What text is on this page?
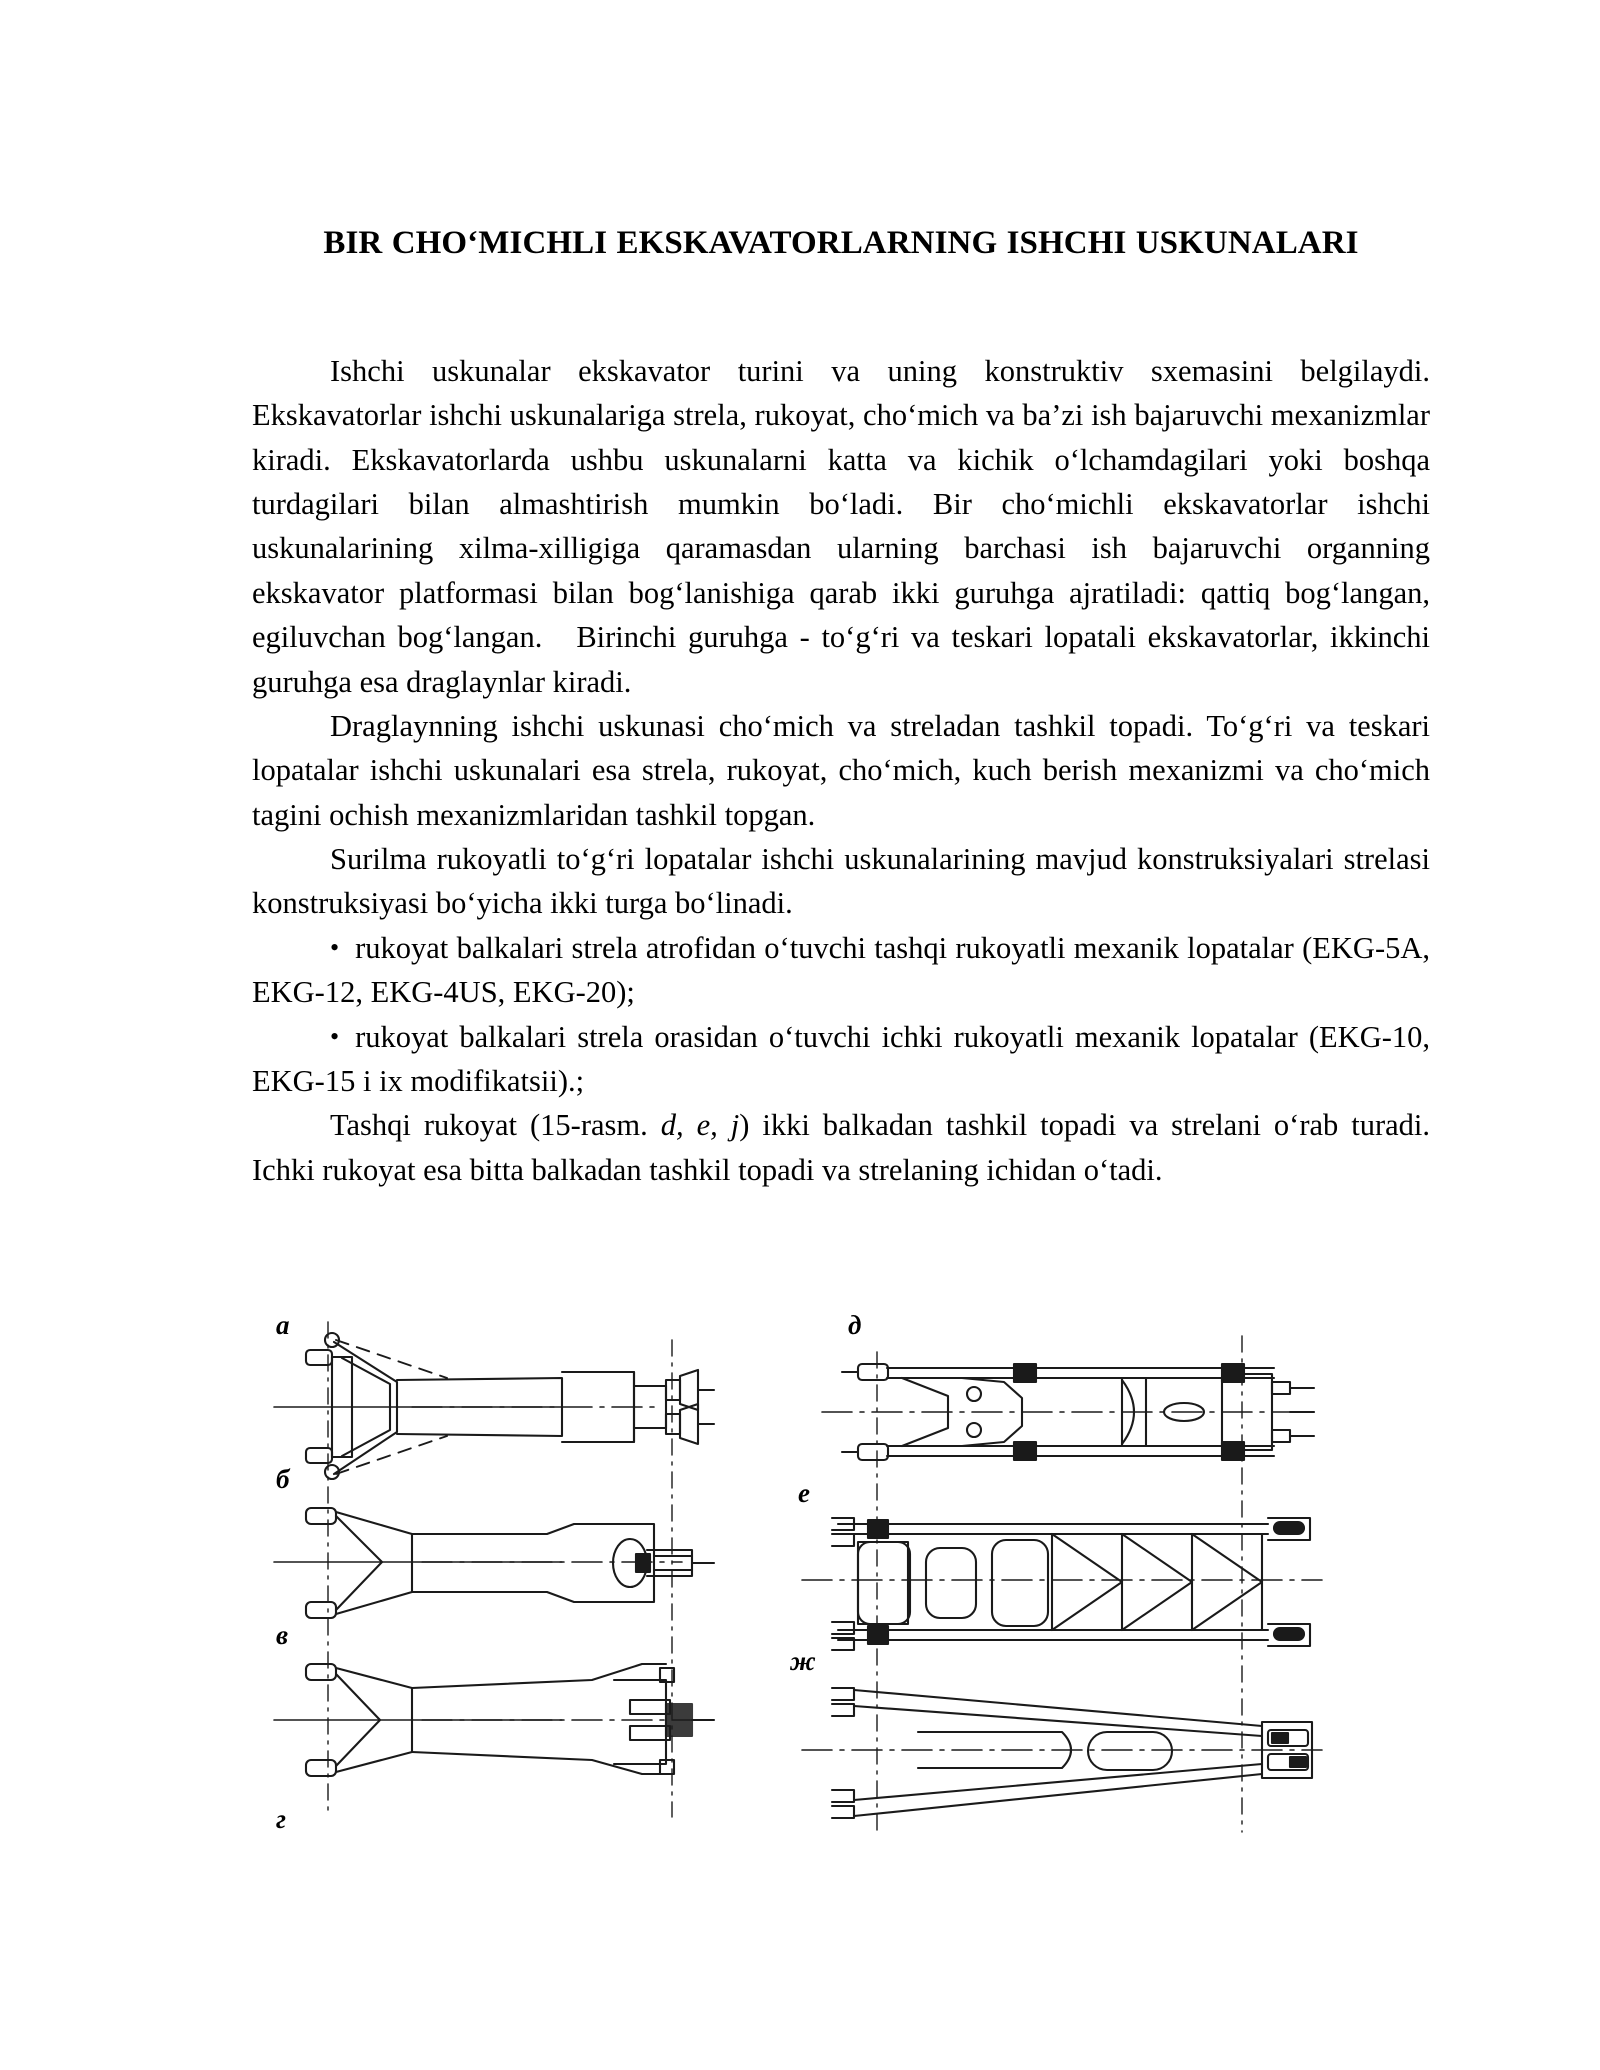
BIR CHO‘MICHLI EKSKAVATORLARNING ISHCHI USKUNALARI

Ishchi uskunalar ekskavator turini va uning konstruktiv sxemasini belgilaydi. Ekskavatorlar ishchi uskunalariga strela, rukoyat, cho‘mich va ba’zi ish bajaruvchi mexanizmlar kiradi. Ekskavatorlarda ushbu uskunalarni katta va kichik o‘lchamdagilari yoki boshqa turdagilari bilan almashtirish mumkin bo‘ladi. Bir cho‘michli ekskavatorlar ishchi uskunalarining xilma-xilligiga qaramasdan ularning barchasi ish bajaruvchi organning ekskavator platformasi bilan bog‘lanishiga qarab ikki guruhga ajratiladi: qattiq bog‘langan, egiluvchan bog‘langan. Birinchi guruhga - to‘g‘ri va teskari lopatali ekskavatorlar, ikkinchi guruhga esa draglaynlar kiradi.

Draglaynning ishchi uskunasi cho‘mich va streladan tashkil topadi. To‘g‘ri va teskari lopatalar ishchi uskunalari esa strela, rukoyat, cho‘mich, kuch berish mexanizmi va cho‘mich tagini ochish mexanizmlaridan tashkil topgan.

Surilma rukoyatli to‘g‘ri lopatalar ishchi uskunalarining mavjud konstruksiyalari strelasi konstruksiyasi bo‘yicha ikki turga bo‘linadi.

• rukoyat balkalari strela atrofidan o‘tuvchi tashqi rukoyatli mexanik lopatalar (EKG-5A, EKG-12, EKG-4US, EKG-20);

• rukoyat balkalari strela orasidan o‘tuvchi ichki rukoyatli mexanik lopatalar (EKG-10, EKG-15 i ix modifikatsii).;

Tashqi rukoyat (15-rasm. d, e, j) ikki balkadan tashkil topadi va strelani o‘rab turadi. Ichki rukoyat esa bitta balkadan tashkil topadi va strelaning ichidan o‘tadi.

а
б
в
г
д
е
ж
